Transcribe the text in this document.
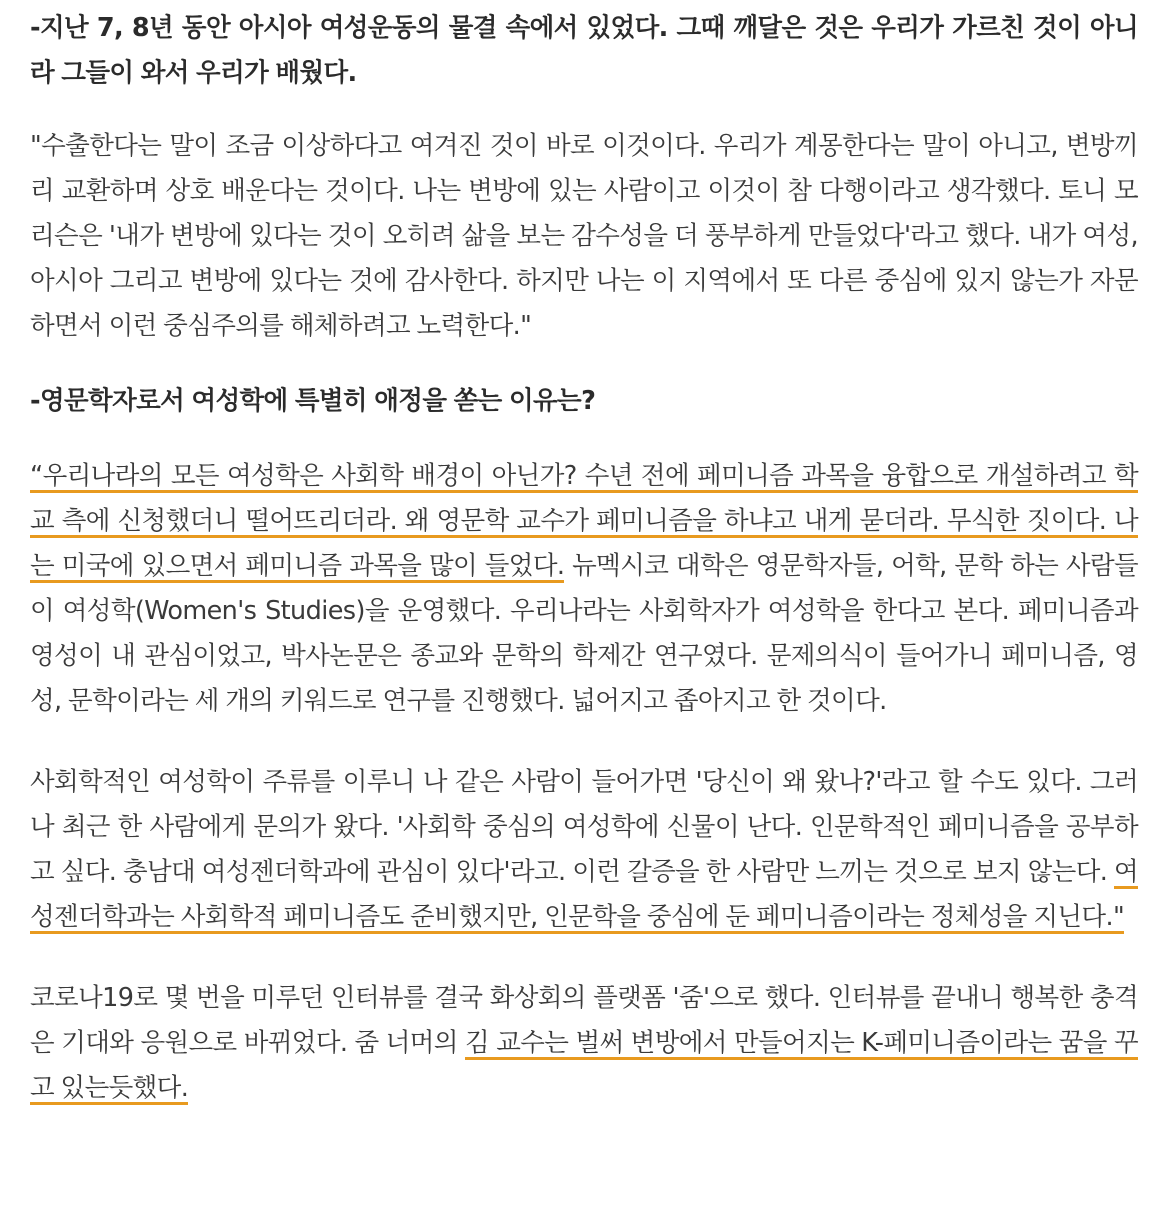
-지난 7, 8년 동안 아시아 여성운동의 물결 속에서 있었다. 그때 깨달은 것은 우리가 가르친 것이 아니라 그들이 와서 우리가 배웠다.

"수출한다는 말이 조금 이상하다고 여겨진 것이 바로 이것이다. 우리가 계몽한다는 말이 아니고, 변방끼리 교환하며 상호 배운다는 것이다. 나는 변방에 있는 사람이고 이것이 참 다행이라고 생각했다. 토니 모리슨은 '내가 변방에 있다는 것이 오히려 삶을 보는 감수성을 더 풍부하게 만들었다'라고 했다. 내가 여성, 아시아 그리고 변방에 있다는 것에 감사한다. 하지만 나는 이 지역에서 또 다른 중심에 있지 않는가 자문하면서 이런 중심주의를 해체하려고 노력한다."

-영문학자로서 여성학에 특별히 애정을 쏟는 이유는?

“우리나라의 모든 여성학은 사회학 배경이 아닌가? 수년 전에 페미니즘 과목을 융합으로 개설하려고 학교 측에 신청했더니 떨어뜨리더라. 왜 영문학 교수가 페미니즘을 하냐고 내게 묻더라. 무식한 짓이다. 나는 미국에 있으면서 페미니즘 과목을 많이 들었다. 뉴멕시코 대학은 영문학자들, 어학, 문학 하는 사람들이 여성학(Women's Studies)을 운영했다. 우리나라는 사회학자가 여성학을 한다고 본다. 페미니즘과 영성이 내 관심이었고, 박사논문은 종교와 문학의 학제간 연구였다. 문제의식이 들어가니 페미니즘, 영성, 문학이라는 세 개의 키워드로 연구를 진행했다. 넓어지고 좁아지고 한 것이다.

사회학적인 여성학이 주류를 이루니 나 같은 사람이 들어가면 '당신이 왜 왔나?'라고 할 수도 있다. 그러나 최근 한 사람에게 문의가 왔다. '사회학 중심의 여성학에 신물이 난다. 인문학적인 페미니즘을 공부하고 싶다. 충남대 여성젠더학과에 관심이 있다'라고. 이런 갈증을 한 사람만 느끼는 것으로 보지 않는다. 여성젠더학과는 사회학적 페미니즘도 준비했지만, 인문학을 중심에 둔 페미니즘이라는 정체성을 지닌다."

코로나19로 몇 번을 미루던 인터뷰를 결국 화상회의 플랫폼 '줌'으로 했다. 인터뷰를 끝내니 행복한 충격은 기대와 응원으로 바뀌었다. 줌 너머의 김 교수는 벌써 변방에서 만들어지는 K-페미니즘이라는 꿈을 꾸고 있는듯했다.
